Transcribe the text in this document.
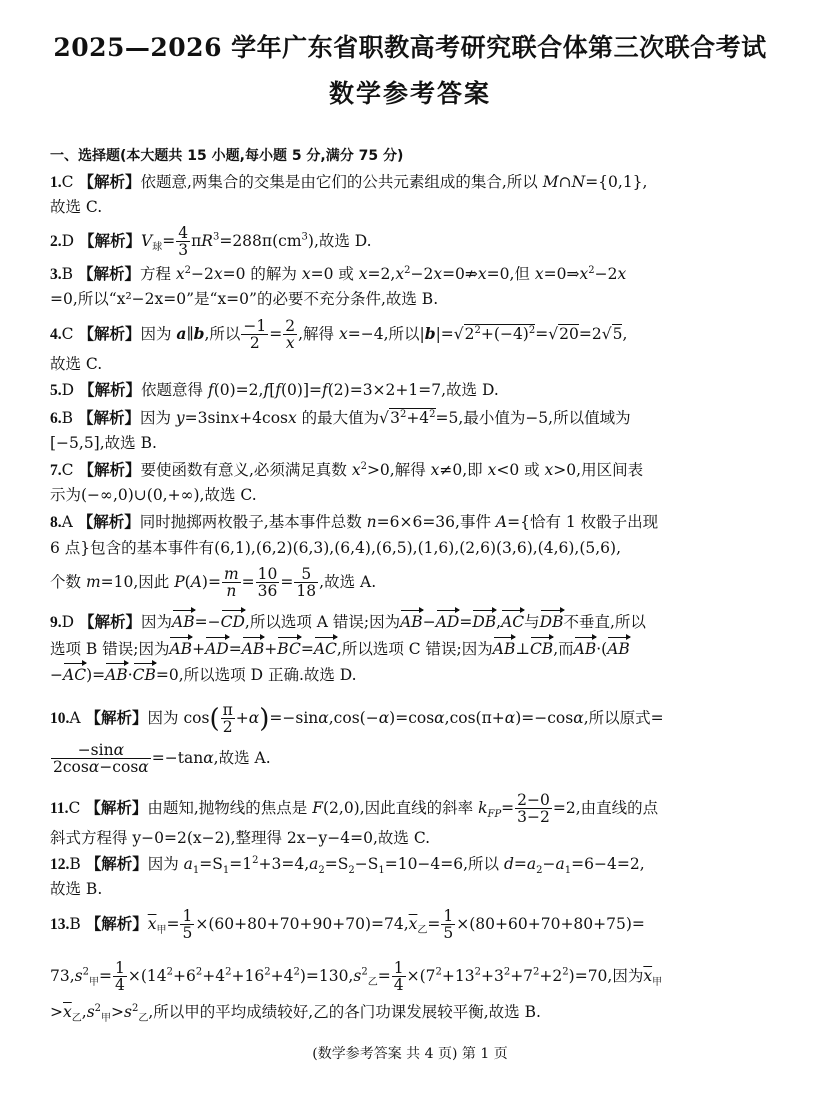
2025—2026 学年广东省职教高考研究联合体第三次联合考试
数学参考答案
一、选择题(本大题共 15 小题,每小题 5 分,满分 75 分)
1.C 【解析】依题意,两集合的交集是由它们的公共元素组成的集合,所以 M∩N={0,1},
故选 C.
2.D 【解析】$V_球= \frac{4}{3} \pi R^3=288\pi(cm^3)$,故选 D.
3.B 【解析】方程 $x^2-2x=0$ 的解为 x=0 或 $x=2,x^2-2x=0⇏x=0$,但 $x=0\Rightarrow x^2-2x$
=0,所以“x²−2x=0”是“x=0”的必要不充分条件,故选 B.
4.C 【解析】因为 a∥b,所以 $\frac{-1}{2} = \frac{2}{x}$ ,解得 x=−4,所以$|b|=√2^2+(-4)^2=√20=2√5$,
故选 C.
5.D 【解析】依题意得 f(0)=2,f[f(0)]=f(2)=3×2+1=7,故选 D.
6.B 【解析】因为 y=3sinx+4cosx 的最大值为$√3^2+4^2=5$,最小值为−5,所以值域为
[−5,5],故选 B.
7.C 【解析】要使函数有意义,必须满足真数 $x^2>0$,解得 x≠0,即 x<0 或 x>0,用区间表
示为(−∞,0)∪(0,+∞),故选 C.
8.A 【解析】同时抛掷两枚骰子,基本事件总数 n=6×6=36,事件 A={恰有 1 枚骰子出现
6 点}包含的基本事件有(6,1),(6,2)(6,3),(6,4),(6,5),(1,6),(2,6)(3,6),(4,6),(5,6),
个数 m=10,因此 $P(A)= \frac{m}{n} = \frac{10}{36} = \frac{5}{18}$ ,故选 A.
9.D 【解析】因为AB=−CD,所以选项 A 错误;因为AB−AD=DB,AC与DB不垂直,所以
选项 B 错误;因为AB+AD=AB+BC=AC,所以选项 C 错误;因为AB⊥CB,而AB·(AB
−AC)=AB·CB=0,所以选项 D 正确.故选 D.
10.A 【解析】因为 $\cos( \frac{\pi}{2} +\alpha)=-\sin\alpha,\cos(-\alpha)=\cos\alpha,\cos(\pi+\alpha)=-\cos\alpha$,所以原式=
$\frac{-\sin\alpha}{2\cos\alpha-\cos\alpha} =-\tan\alpha$,故选 A.
11.C 【解析】由题知,抛物线的焦点是 F(2,0),因此直线的斜率 $k_{FP}= \frac{2-0}{3-2} =2$,由直线的点
斜式方程得 y−0=2(x−2),整理得 2x−y−4=0,故选 C.
12.B 【解析】因为 $a_1=S_1=1^2+3=4,a_2=S_2-S_1=10-4=6$,所以 $d=a_2-a_1=6-4=2$,
故选 B.
13.B 【解析】$\overline{x}_甲= \frac{1}{5} \times(60+80+70+90+70)=74,\overline{x}_乙= \frac{1}{5} \times(80+60+70+80+75)=$
$73,s^2_甲= \frac{1}{4} \times(14^2+6^2+4^2+16^2+4^2)=130,s^2_乙= \frac{1}{4} \times(7^2+13^2+3^2+7^2+2^2)=70$,因为$\overline{x}_甲$
$>\overline{x}_乙,s^2_甲>s^2_乙$,所以甲的平均成绩较好,乙的各门功课发展较平衡,故选 B.
(数学参考答案 共 4 页) 第 1 页
